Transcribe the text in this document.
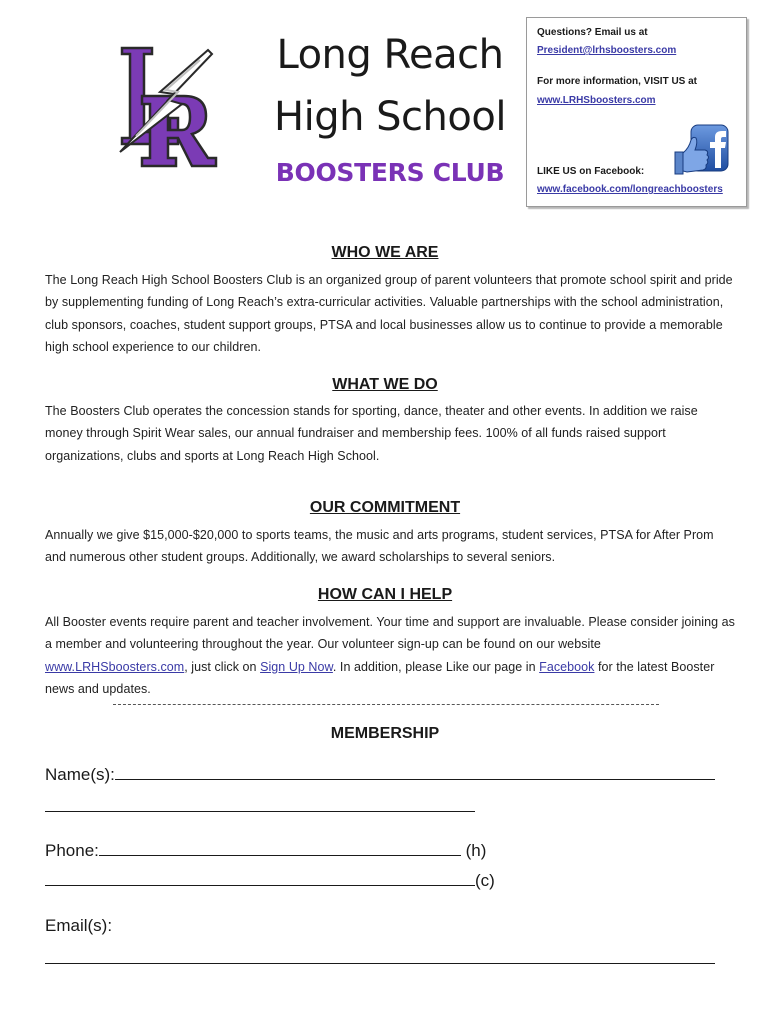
Long Reach
High School
BOOSTERS CLUB
Questions? Email us at
President@lrhsboosters.com
For more information, VISIT US at
www.LRHSboosters.com
LIKE US on Facebook:
www.facebook.com/longreachboosters
WHO WE ARE
The Long Reach High School Boosters Club is an organized group of parent volunteers that promote school spirit and pride by supplementing funding of Long Reach’s extra-curricular activities. Valuable partnerships with the school administration, club sponsors, coaches, student support groups, PTSA and local businesses allow us to continue to provide a memorable high school experience to our children.
WHAT WE DO
The Boosters Club operates the concession stands for sporting, dance, theater and other events. In addition we raise money through Spirit Wear sales, our annual fundraiser and membership fees. 100% of all funds raised support organizations, clubs and sports at Long Reach High School.
OUR COMMITMENT
Annually we give $15,000-$20,000 to sports teams, the music and arts programs, student services, PTSA for After Prom and numerous other student groups. Additionally, we award scholarships to several seniors.
HOW CAN I HELP
All Booster events require parent and teacher involvement. Your time and support are invaluable. Please consider joining as a member and volunteering throughout the year. Our volunteer sign-up can be found on our website www.LRHSboosters.com, just click on Sign Up Now. In addition, please Like our page in Facebook for the latest Booster news and updates.
MEMBERSHIP
Name(s):
Phone:	(h)
(c)
Email(s):
